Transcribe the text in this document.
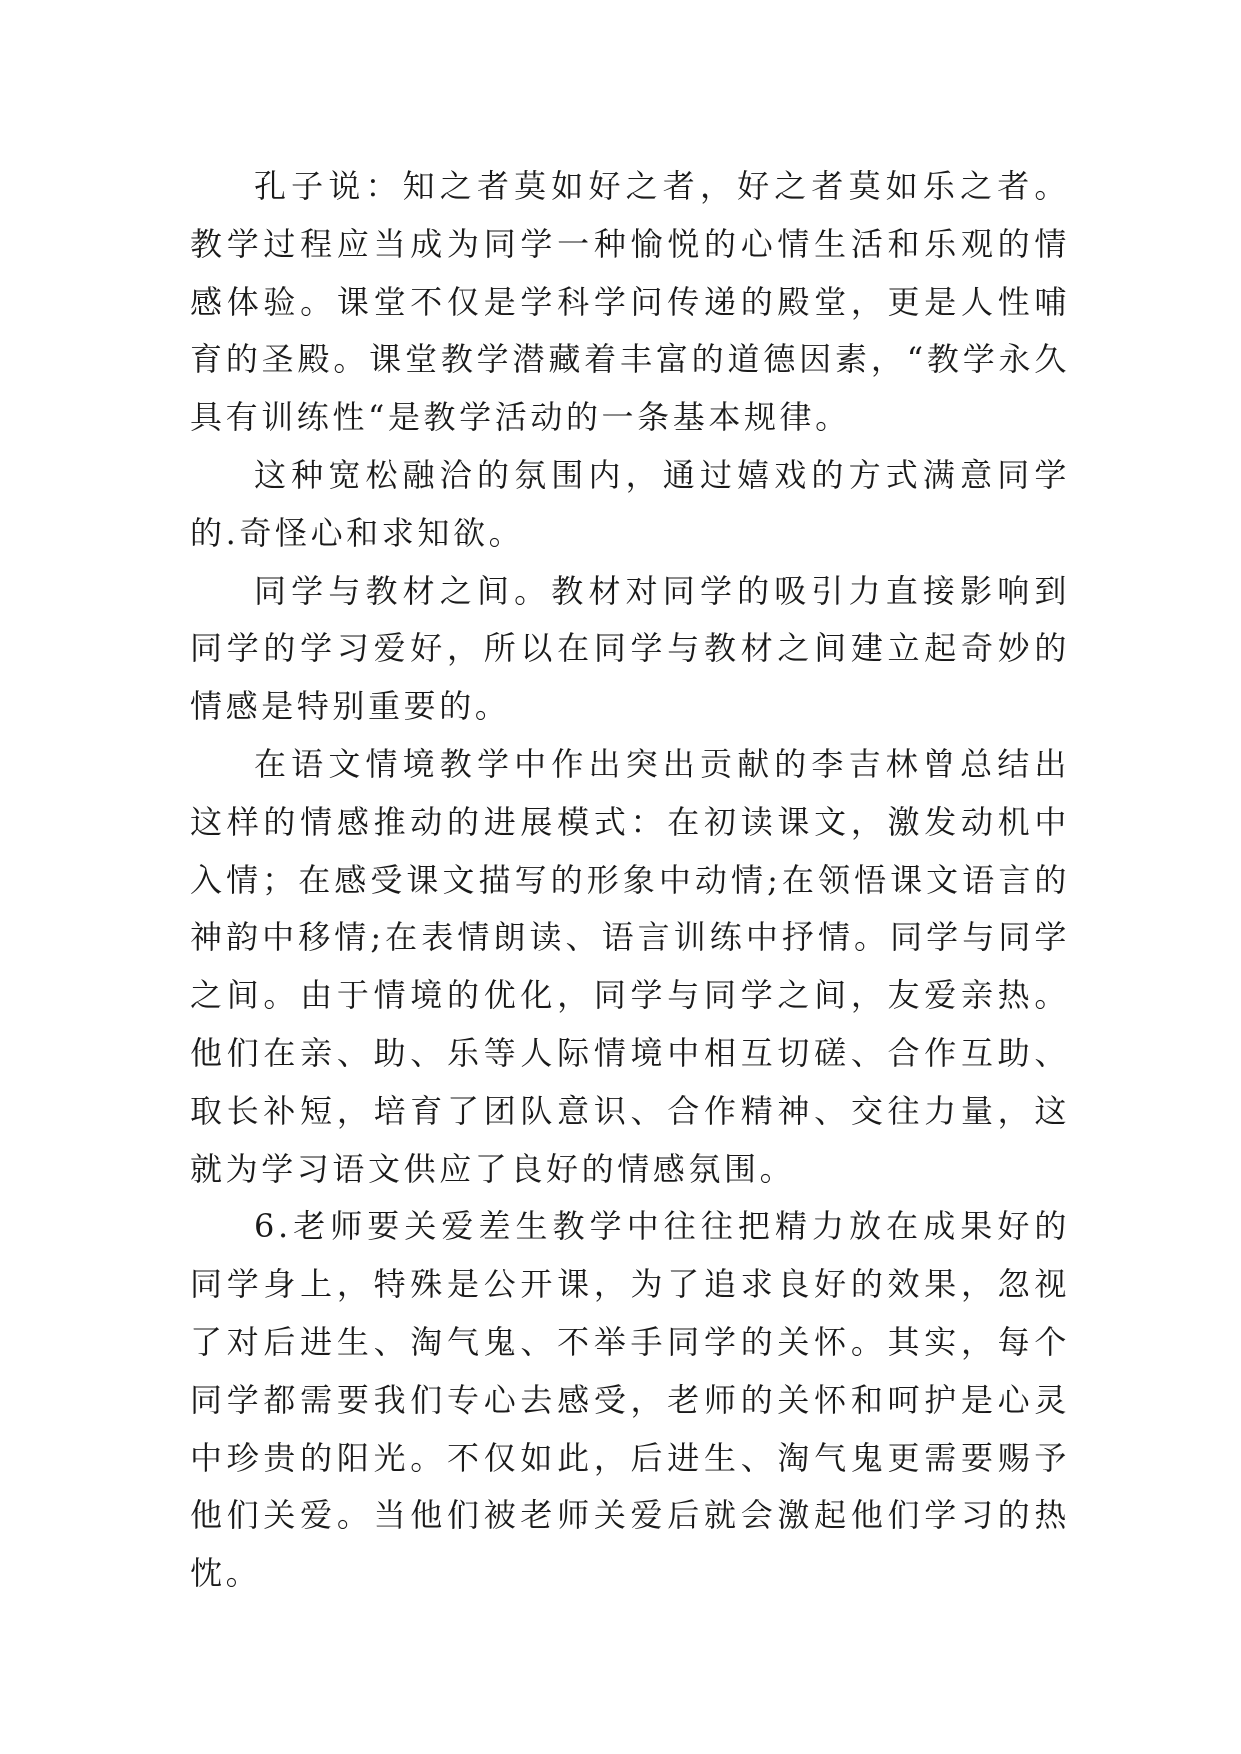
孔子说：知之者莫如好之者，好之者莫如乐之者。教学过程应当成为同学一种愉悦的心情生活和乐观的情感体验。课堂不仅是学科学问传递的殿堂，更是人性哺育的圣殿。课堂教学潜藏着丰富的道德因素，“教学永久具有训练性“是教学活动的一条基本规律。

这种宽松融洽的氛围内，通过嬉戏的方式满意同学的.奇怪心和求知欲。

同学与教材之间。教材对同学的吸引力直接影响到同学的学习爱好，所以在同学与教材之间建立起奇妙的情感是特别重要的。

在语文情境教学中作出突出贡献的李吉林曾总结出这样的情感推动的进展模式：在初读课文，激发动机中入情；在感受课文描写的形象中动情;在领悟课文语言的神韵中移情;在表情朗读、语言训练中抒情。同学与同学之间。由于情境的优化，同学与同学之间，友爱亲热。他们在亲、助、乐等人际情境中相互切磋、合作互助、取长补短，培育了团队意识、合作精神、交往力量，这就为学习语文供应了良好的情感氛围。

6.老师要关爱差生教学中往往把精力放在成果好的同学身上，特殊是公开课，为了追求良好的效果，忽视了对后进生、淘气鬼、不举手同学的关怀。其实，每个同学都需要我们专心去感受，老师的关怀和呵护是心灵中珍贵的阳光。不仅如此，后进生、淘气鬼更需要赐予他们关爱。当他们被老师关爱后就会激起他们学习的热忱。
